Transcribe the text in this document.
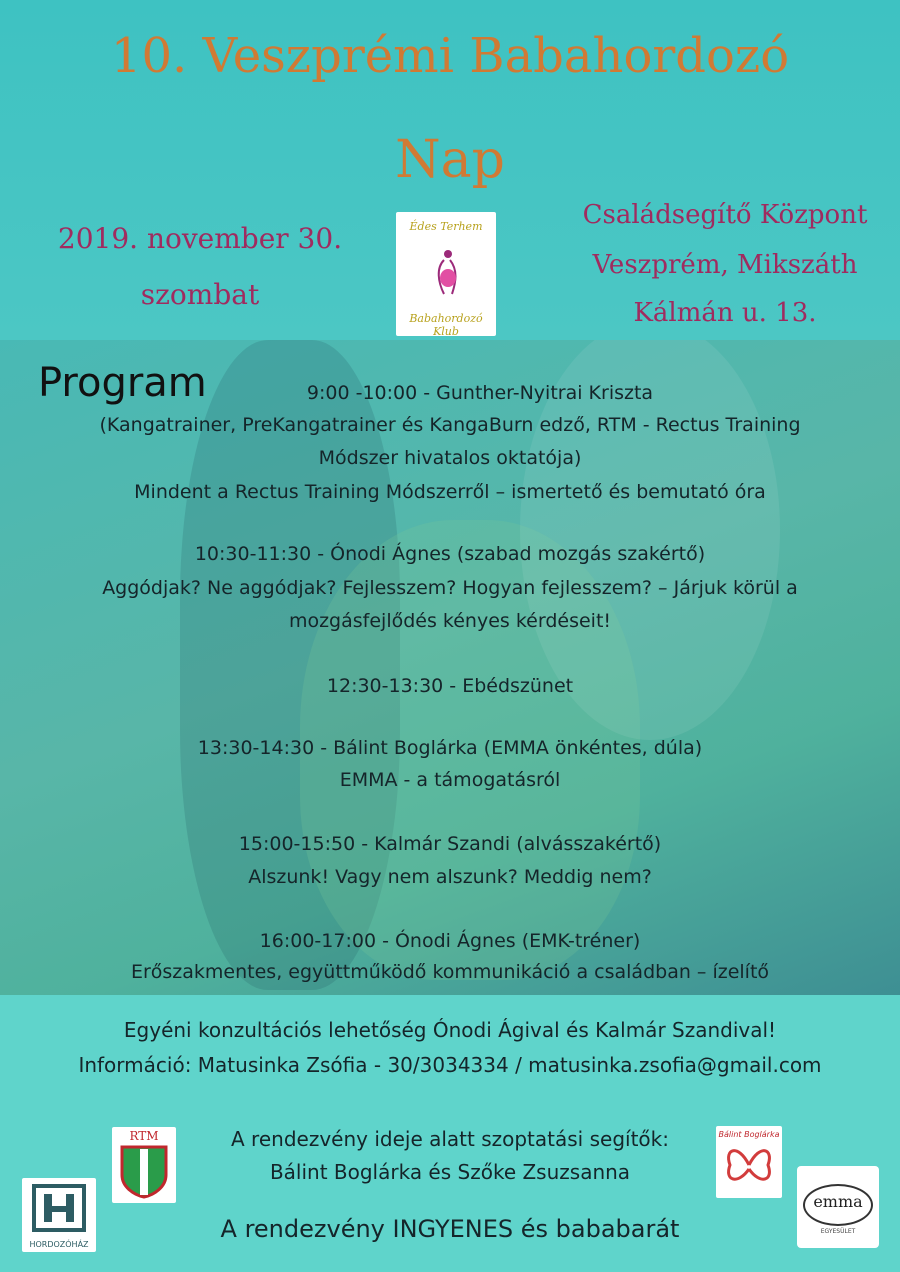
10. Veszprémi Babahordozó
Nap
2019. november 30.
szombat
Családsegítő Központ
Veszprém, Mikszáth
Kálmán u. 13.
Édes Terhem
Babahordozó Klub
Program	9:00 -10:00 - Gunther-Nyitrai Kriszta
(Kangatrainer, PreKangatrainer és KangaBurn edző, RTM - Rectus Training
Módszer hivatalos oktatója)
Mindent a Rectus Training Módszerről – ismertető és bemutató óra
10:30-11:30 - Ónodi Ágnes (szabad mozgás szakértő)
Aggódjak? Ne aggódjak? Fejlesszem? Hogyan fejlesszem? – Járjuk körül a
mozgásfejlődés kényes kérdéseit!
12:30-13:30 - Ebédszünet
13:30-14:30 - Bálint Boglárka (EMMA önkéntes, dúla)
EMMA - a támogatásról
15:00-15:50 - Kalmár Szandi (alvásszakértő)
Alszunk! Vagy nem alszunk? Meddig nem?
16:00-17:00 - Ónodi Ágnes (EMK-tréner)
Erőszakmentes, együttműködő kommunikáció a családban – ízelítő
Egyéni konzultációs lehetőség Ónodi Ágival és Kalmár Szandival!
Információ: Matusinka Zsófia - 30/3034334 / matusinka.zsofia@gmail.com
A rendezvény ideje alatt szoptatási segítők:
Bálint Boglárka és Szőke Zsuzsanna
A rendezvény INGYENES és bababarát
HORDOZÓHÁZ
RTM	Bálint Boglárka
emma
EGYESÜLET
